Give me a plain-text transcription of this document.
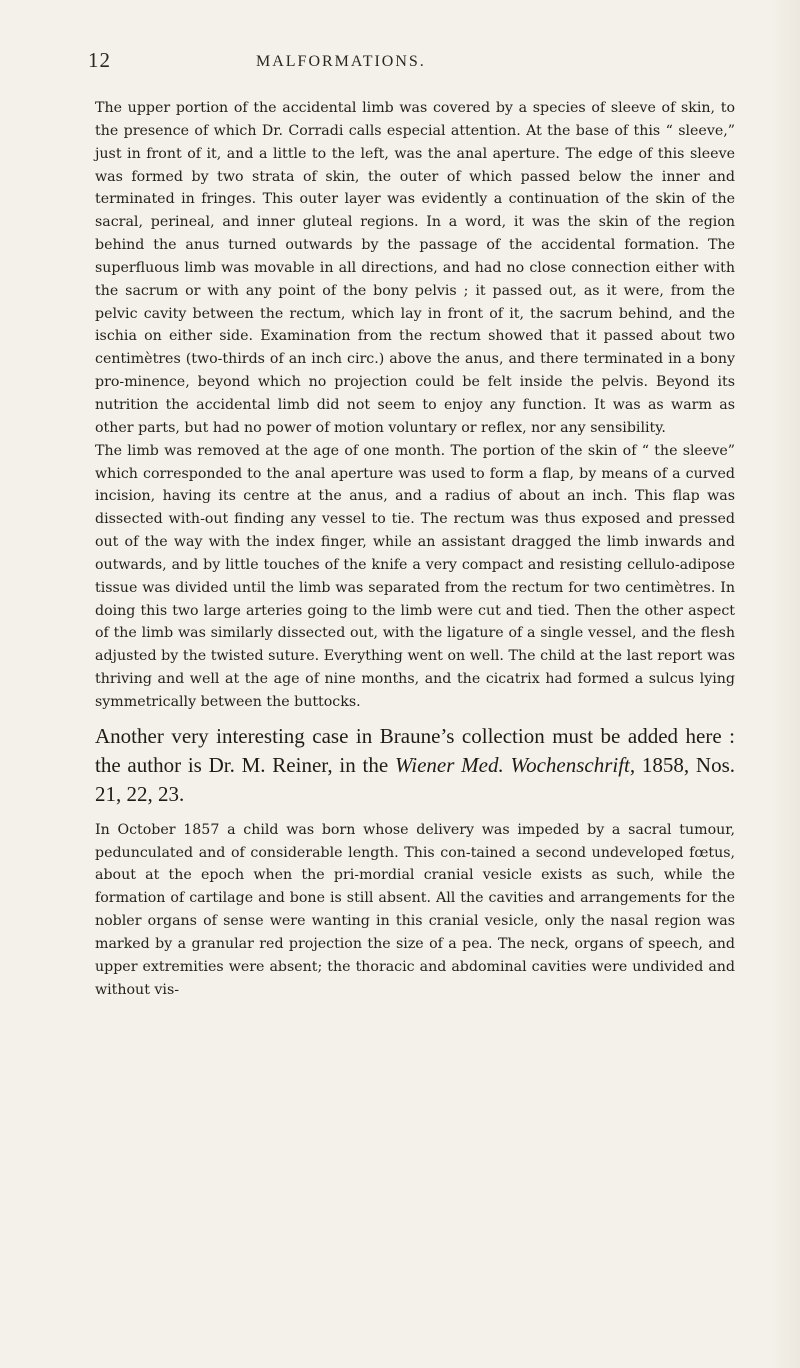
12	MALFORMATIONS.

The upper portion of the accidental limb was covered by a species of sleeve of skin, to the presence of which Dr. Corradi calls especial attention. At the base of this “ sleeve,” just in front of it, and a little to the left, was the anal aperture. The edge of this sleeve was formed by two strata of skin, the outer of which passed below the inner and terminated in fringes. This outer layer was evidently a continuation of the skin of the sacral, perineal, and inner gluteal regions. In a word, it was the skin of the region behind the anus turned outwards by the passage of the accidental formation. The superfluous limb was movable in all directions, and had no close connection either with the sacrum or with any point of the bony pelvis ; it passed out, as it were, from the pelvic cavity between the rectum, which lay in front of it, the sacrum behind, and the ischia on either side. Examination from the rectum showed that it passed about two centimètres (two-thirds of an inch circ.) above the anus, and there terminated in a bony pro-minence, beyond which no projection could be felt inside the pelvis. Beyond its nutrition the accidental limb did not seem to enjoy any function. It was as warm as other parts, but had no power of motion voluntary or reflex, nor any sensibility.

The limb was removed at the age of one month. The portion of the skin of “ the sleeve” which corresponded to the anal aperture was used to form a flap, by means of a curved incision, having its centre at the anus, and a radius of about an inch. This flap was dissected with-out finding any vessel to tie. The rectum was thus exposed and pressed out of the way with the index finger, while an assistant dragged the limb inwards and outwards, and by little touches of the knife a very compact and resisting cellulo-adipose tissue was divided until the limb was separated from the rectum for two centimètres. In doing this two large arteries going to the limb were cut and tied. Then the other aspect of the limb was similarly dissected out, with the ligature of a single vessel, and the flesh adjusted by the twisted suture. Everything went on well. The child at the last report was thriving and well at the age of nine months, and the cicatrix had formed a sulcus lying symmetrically between the buttocks.

Another very interesting case in Braune’s collection must be added here : the author is Dr. M. Reiner, in the Wiener Med. Wochenschrift, 1858, Nos. 21, 22, 23.

In October 1857 a child was born whose delivery was impeded by a sacral tumour, pedunculated and of considerable length. This con-tained a second undeveloped fœtus, about at the epoch when the pri-mordial cranial vesicle exists as such, while the formation of cartilage and bone is still absent. All the cavities and arrangements for the nobler organs of sense were wanting in this cranial vesicle, only the nasal region was marked by a granular red projection the size of a pea. The neck, organs of speech, and upper extremities were absent; the thoracic and abdominal cavities were undivided and without vis-
